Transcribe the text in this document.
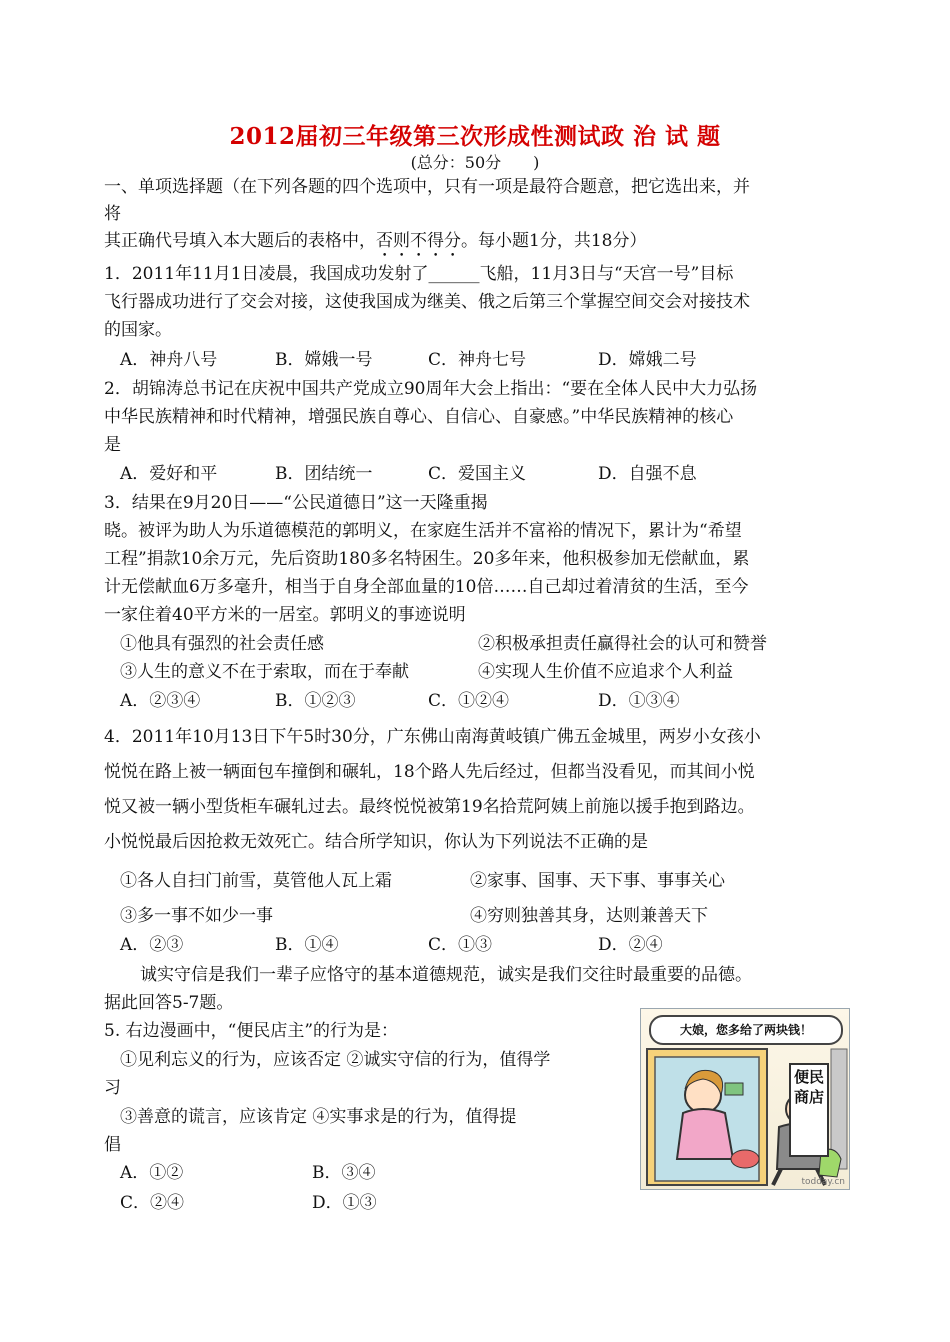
2012届初三年级第三次形成性测试政 治 试 题
(总分：50分　　)
一、单项选择题（在下列各题的四个选项中，只有一项是最符合题意，把它选出来，并
将
其正确代号填入本大题后的表格中，否则不得分。每小题1分，共18分）
1．2011年11月1日凌晨，我国成功发射了______飞船，11月3日与“天宫一号”目标
飞行器成功进行了交会对接，这使我国成为继美、俄之后第三个掌握空间交会对接技术
的国家。
A．神舟八号	B．嫦娥一号	C．神舟七号	D．嫦娥二号
2．胡锦涛总书记在庆祝中国共产党成立90周年大会上指出：“要在全体人民中大力弘扬
中华民族精神和时代精神，增强民族自尊心、自信心、自豪感。”中华民族精神的核心
是
A．爱好和平	B．团结统一	C．爱国主义	D．自强不息
3．结果在9月20日——“公民道德日”这一天隆重揭
晓。被评为助人为乐道德模范的郭明义，在家庭生活并不富裕的情况下，累计为“希望
工程”捐款10余万元，先后资助180多名特困生。20多年来，他积极参加无偿献血，累
计无偿献血6万多毫升，相当于自身全部血量的10倍……自己却过着清贫的生活，至今
一家住着40平方米的一居室。郭明义的事迹说明
①他具有强烈的社会责任感	②积极承担责任赢得社会的认可和赞誉
③人生的意义不在于索取，而在于奉献	④实现人生价值不应追求个人利益
A．②③④	B．①②③	C．①②④	D．①③④
4．2011年10月13日下午5时30分，广东佛山南海黄岐镇广佛五金城里，两岁小女孩小
悦悦在路上被一辆面包车撞倒和碾轧，18个路人先后经过，但都当没看见，而其间小悦
悦又被一辆小型货柜车碾轧过去。最终悦悦被第19名拾荒阿姨上前施以援手抱到路边。
小悦悦最后因抢救无效死亡。结合所学知识，你认为下列说法不正确的是
①各人自扫门前雪，莫管他人瓦上霜	②家事、国事、天下事、事事关心
③多一事不如少一事	④穷则独善其身，达则兼善天下
A．②③	B．①④	C．①③	D．②④
诚实守信是我们一辈子应恪守的基本道德规范，诚实是我们交往时最重要的品德。
据此回答5-7题。
5. 右边漫画中，“便民店主”的行为是：
①见利忘义的行为，应该否定 ②诚实守信的行为，值得学
习
③善意的谎言，应该肯定 ④实事求是的行为，值得提
倡
A．①②	B．③④
C．②④	D．①③
大娘，您多给了两块钱！
便民商店
todday.cn
